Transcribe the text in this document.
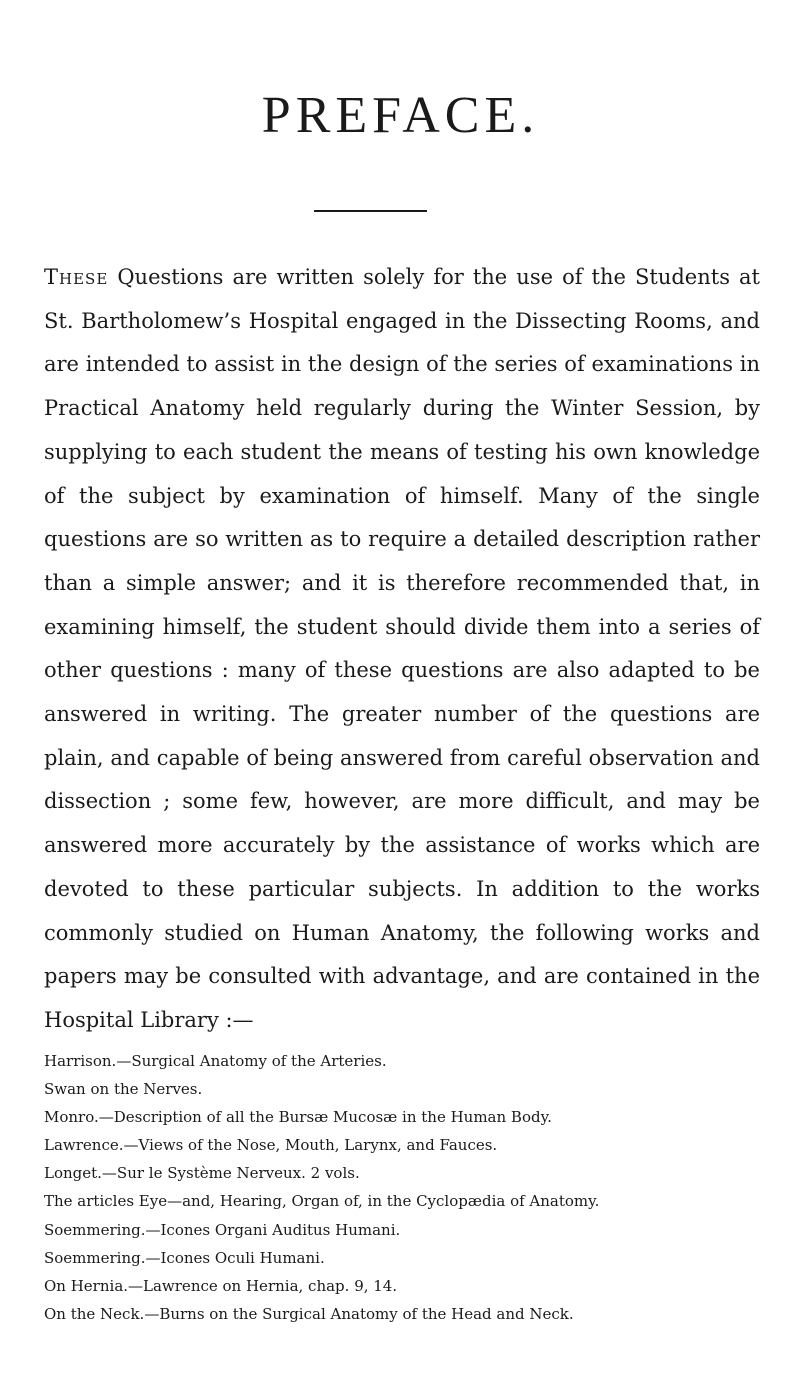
PREFACE.

These Questions are written solely for the use of the Students at St. Bartholomew’s Hospital engaged in the Dissecting Rooms, and are intended to assist in the design of the series of examinations in Practical Anatomy held regularly during the Winter Session, by supplying to each student the means of testing his own knowledge of the subject by examination of himself. Many of the single questions are so written as to require a detailed description rather than a simple answer; and it is therefore recommended that, in examining himself, the student should divide them into a series of other questions : many of these questions are also adapted to be answered in writing. The greater number of the questions are plain, and capable of being answered from careful observation and dissection ; some few, however, are more difficult, and may be answered more accurately by the assistance of works which are devoted to these particular subjects. In addition to the works commonly studied on Human Anatomy, the following works and papers may be consulted with advantage, and are contained in the Hospital Library :—

Harrison.—Surgical Anatomy of the Arteries.
Swan on the Nerves.
Monro.—Description of all the Bursæ Mucosæ in the Human Body.
Lawrence.—Views of the Nose, Mouth, Larynx, and Fauces.
Longet.—Sur le Système Nerveux. 2 vols.
The articles Eye—and, Hearing, Organ of, in the Cyclopædia of Anatomy.
Soemmering.—Icones Organi Auditus Humani.
Soemmering.—Icones Oculi Humani.
On Hernia.—Lawrence on Hernia, chap. 9, 14.
On the Neck.—Burns on the Surgical Anatomy of the Head and Neck.
